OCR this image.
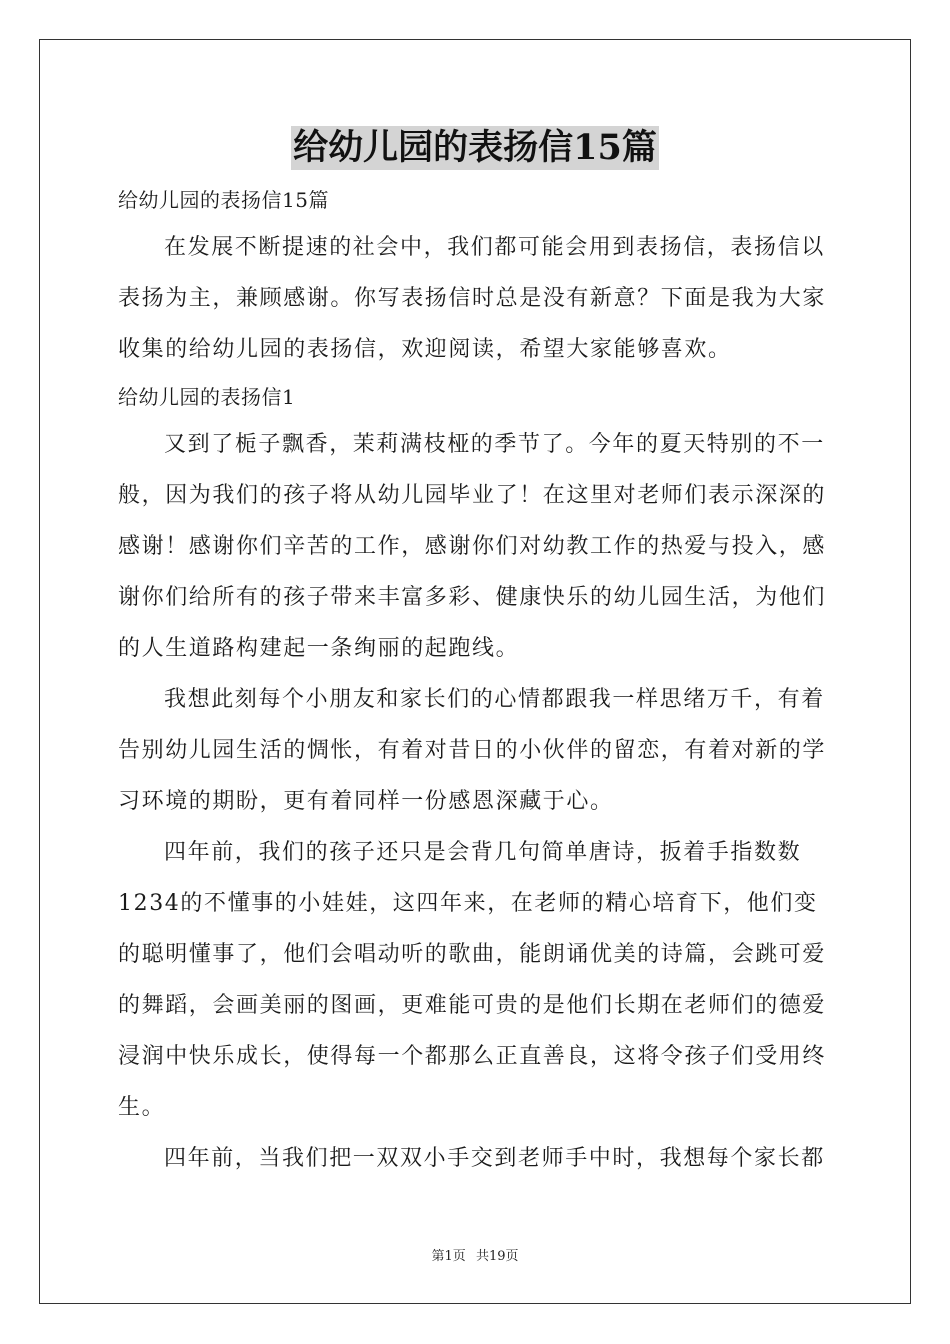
给幼儿园的表扬信15篇
给幼儿园的表扬信15篇
在发展不断提速的社会中，我们都可能会用到表扬信，表扬信以
表扬为主，兼顾感谢。你写表扬信时总是没有新意？下面是我为大家
收集的给幼儿园的表扬信，欢迎阅读，希望大家能够喜欢。
给幼儿园的表扬信1
又到了栀子飘香，茉莉满枝桠的季节了。今年的夏天特别的不一
般，因为我们的孩子将从幼儿园毕业了！在这里对老师们表示深深的
感谢！感谢你们辛苦的工作，感谢你们对幼教工作的热爱与投入，感
谢你们给所有的孩子带来丰富多彩、健康快乐的幼儿园生活，为他们
的人生道路构建起一条绚丽的起跑线。
我想此刻每个小朋友和家长们的心情都跟我一样思绪万千，有着
告别幼儿园生活的惆怅，有着对昔日的小伙伴的留恋，有着对新的学
习环境的期盼，更有着同样一份感恩深藏于心。
四年前，我们的孩子还只是会背几句简单唐诗，扳着手指数数
1234的不懂事的小娃娃，这四年来，在老师的精心培育下，他们变
的聪明懂事了，他们会唱动听的歌曲，能朗诵优美的诗篇，会跳可爱
的舞蹈，会画美丽的图画，更难能可贵的是他们长期在老师们的德爱
浸润中快乐成长，使得每一个都那么正直善良，这将令孩子们受用终
生。
四年前，当我们把一双双小手交到老师手中时，我想每个家长都
第1页 共19页
